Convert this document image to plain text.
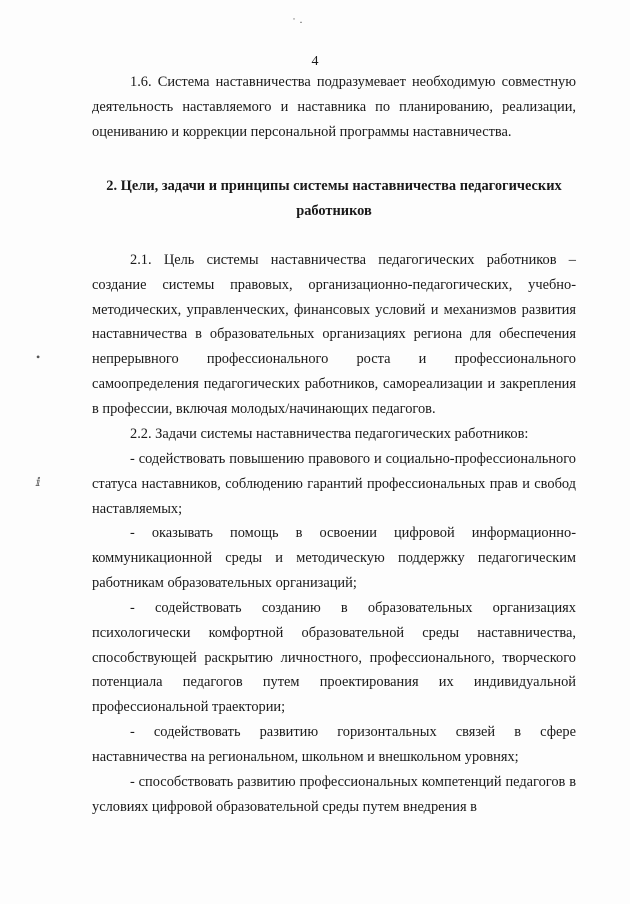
˙ ·
•
ⅈ
4
1.6. Система наставничества подразумевает необходимую совместную деятельность наставляемого и наставника по планированию, реализации, оцениванию и коррекции персональной программы наставничества.
2. Цели, задачи и принципы системы наставничества педагогических работников
2.1. Цель системы наставничества педагогических работников – создание системы правовых, организационно-педагогических, учебно-методических, управленческих, финансовых условий и механизмов развития наставничества в образовательных организациях региона для обеспечения непрерывного профессионального роста и профессионального самоопределения педагогических работников, самореализации и закрепления в профессии, включая молодых/начинающих педагогов.
2.2. Задачи системы наставничества педагогических работников:
- содействовать повышению правового и социально-профессионального статуса наставников, соблюдению гарантий профессиональных прав и свобод наставляемых;
- оказывать помощь в освоении цифровой информационно-коммуникационной среды и методическую поддержку педагогическим работникам образовательных организаций;
- содействовать созданию в образовательных организациях психологически комфортной образовательной среды наставничества, способствующей раскрытию личностного, профессионального, творческого потенциала педагогов путем проектирования их индивидуальной профессиональной траектории;
- содействовать развитию горизонтальных связей в сфере наставничества на региональном, школьном и внешкольном уровнях;
- способствовать развитию профессиональных компетенций педагогов в условиях цифровой образовательной среды путем внедрения в
